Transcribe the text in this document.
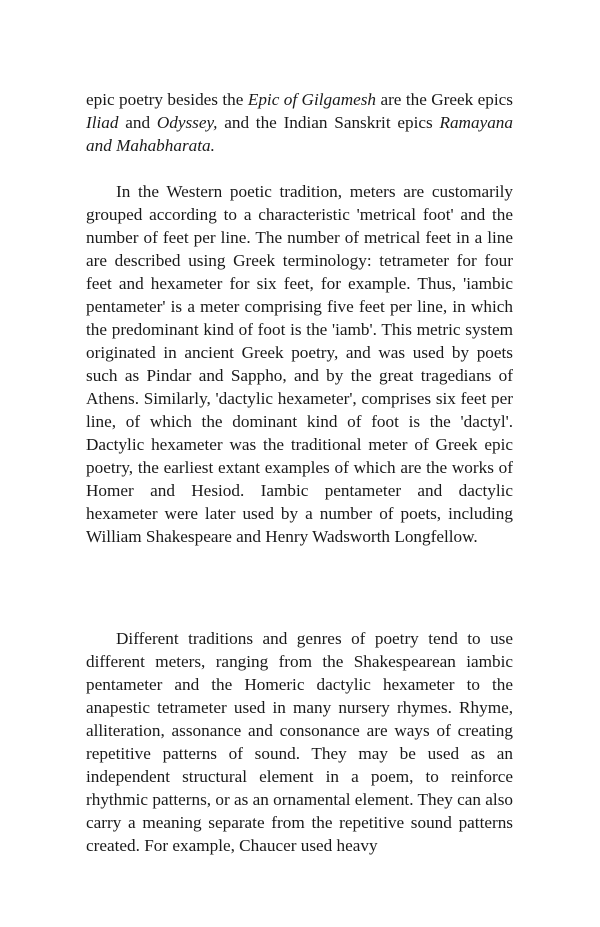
epic poetry besides the Epic of Gilgamesh are the Greek epics Iliad and Odyssey, and the Indian Sanskrit epics Ramayana and Mahabharata.

In the Western poetic tradition, meters are customarily grouped according to a characteristic 'metrical foot' and the number of feet per line. The number of metrical feet in a line are described using Greek terminology: tetrameter for four feet and hexameter for six feet, for example. Thus, 'iambic pentameter' is a meter comprising five feet per line, in which the predominant kind of foot is the 'iamb'. This metric system originated in ancient Greek poetry, and was used by poets such as Pindar and Sappho, and by the great tragedians of Athens. Similarly, 'dactylic hexameter', comprises six feet per line, of which the dominant kind of foot is the 'dactyl'. Dactylic hexameter was the traditional meter of Greek epic poetry, the earliest extant examples of which are the works of Homer and Hesiod. Iambic pentameter and dactylic hexameter were later used by a number of poets, including William Shakespeare and Henry Wadsworth Longfellow.

Different traditions and genres of poetry tend to use different meters, ranging from the Shakespearean iambic pentameter and the Homeric dactylic hexameter to the anapestic tetrameter used in many nursery rhymes. Rhyme, alliteration, assonance and consonance are ways of creating repetitive patterns of sound. They may be used as an independent structural element in a poem, to reinforce rhythmic patterns, or as an ornamental element. They can also carry a meaning separate from the repetitive sound patterns created. For example, Chaucer used heavy
